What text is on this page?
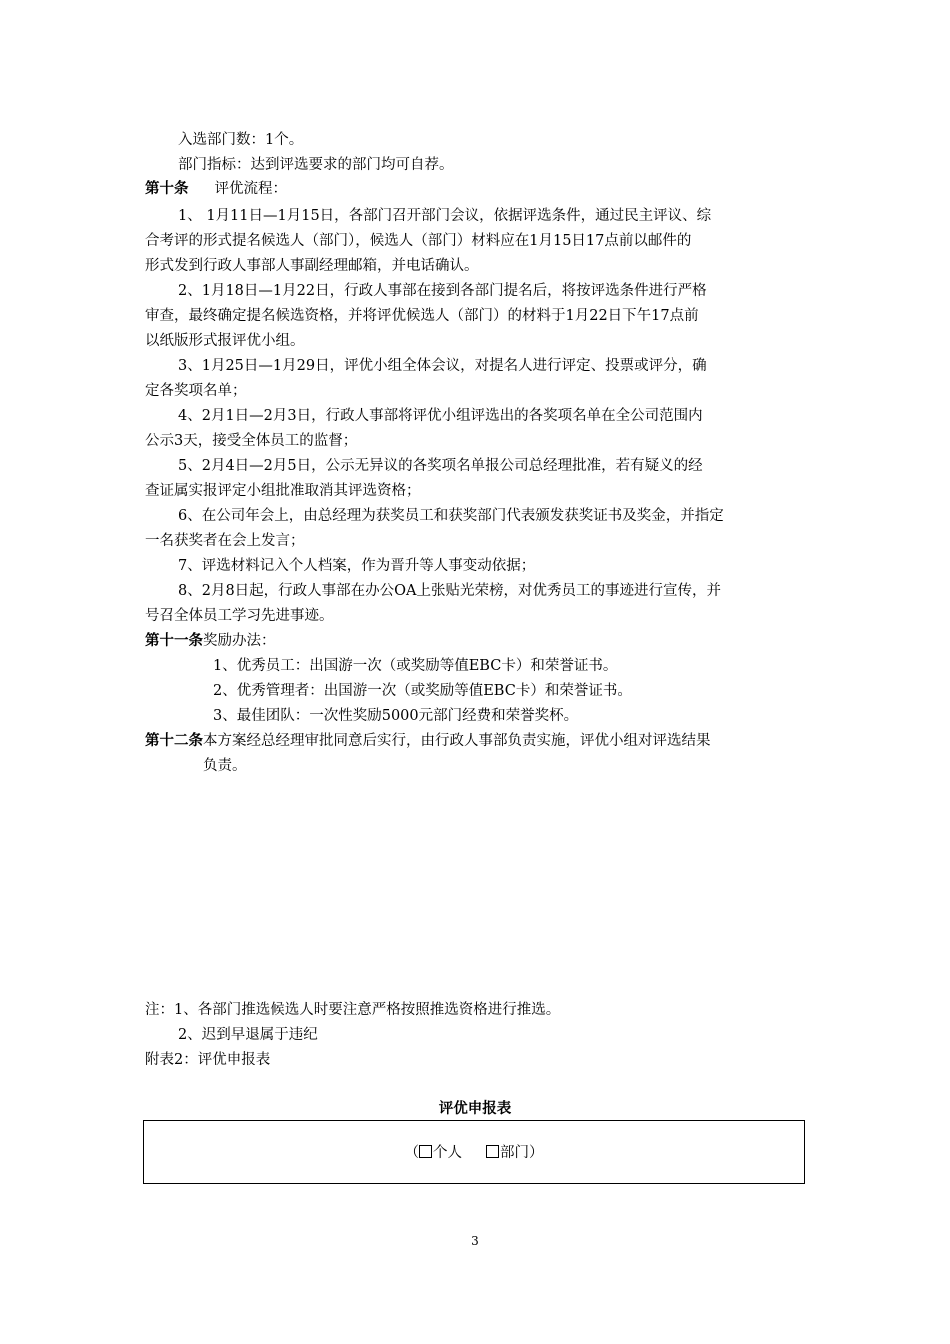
入选部门数：1个。
部门指标：达到评选要求的部门均可自荐。
第十条 评优流程：
1、 1月11日—1月15日，各部门召开部门会议，依据评选条件，通过民主评议、综
合考评的形式提名候选人（部门），候选人（部门）材料应在1月15日17点前以邮件的
形式发到行政人事部人事副经理邮箱，并电话确认。
2、1月18日—1月22日，行政人事部在接到各部门提名后，将按评选条件进行严格
审查，最终确定提名候选资格，并将评优候选人（部门）的材料于1月22日下午17点前
以纸版形式报评优小组。
3、1月25日—1月29日，评优小组全体会议，对提名人进行评定、投票或评分，确
定各奖项名单；
4、2月1日—2月3日，行政人事部将评优小组评选出的各奖项名单在全公司范围内
公示3天，接受全体员工的监督；
5、2月4日—2月5日，公示无异议的各奖项名单报公司总经理批准，若有疑义的经
查证属实报评定小组批准取消其评选资格；
6、在公司年会上，由总经理为获奖员工和获奖部门代表颁发获奖证书及奖金，并指定
一名获奖者在会上发言；
7、评选材料记入个人档案，作为晋升等人事变动依据；
8、2月8日起，行政人事部在办公OA上张贴光荣榜，对优秀员工的事迹进行宣传，并
号召全体员工学习先进事迹。
第十一条奖励办法：
1、优秀员工：出国游一次（或奖励等值EBC卡）和荣誉证书。
2、优秀管理者：出国游一次（或奖励等值EBC卡）和荣誉证书。
3、最佳团队：一次性奖励5000元部门经费和荣誉奖杯。
第十二条本方案经总经理审批同意后实行，由行政人事部负责实施，评优小组对评选结果
负责。
注：1、各部门推选候选人时要注意严格按照推选资格进行推选。
2、迟到早退属于违纪
附表2：评优申报表
评优申报表
（ 个人	部门）
3
